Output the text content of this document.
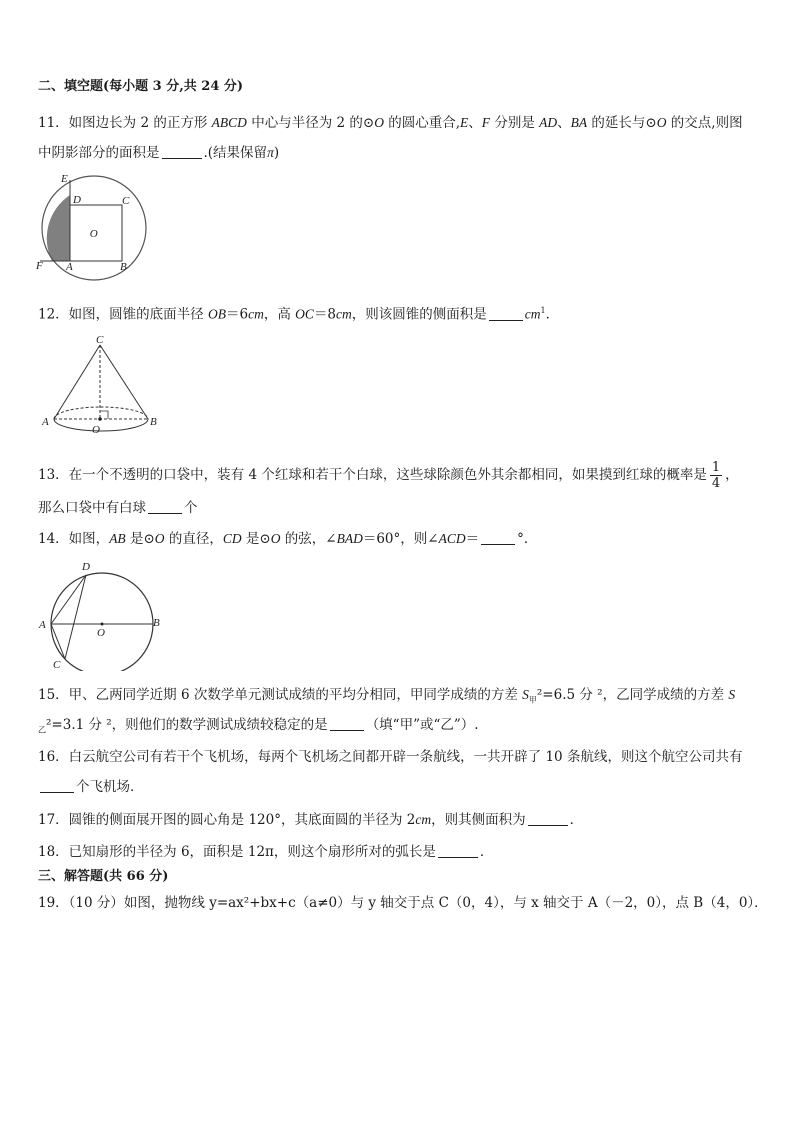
二、填空题(每小题 3 分,共 24 分)
11．如图边长为 2 的正方形 ABCD 中心与半径为 2 的⊙O 的圆心重合,E、F 分别是 AD、BA 的延长与⊙O 的交点,则图
中阴影部分的面积是	.(结果保留π)
E
D	C
O
F A	B
12．如图，圆锥的底面半径 OB＝6cm，高 OC＝8cm，则该圆锥的侧面积是	$cm^1$．
C
A	B
O
13．在一个不透明的口袋中，装有 4 个红球和若干个白球，这些球除颜色外其余都相同，如果摸到红球的概率是 $\frac{1}{4}$ ，
那么口袋中有白球	个
14．如图，AB 是⊙O 的直径，CD 是⊙O 的弦，∠BAD＝60°，则∠ACD＝	°．
D
A
O
B
C
15．甲、乙两同学近期 6 次数学单元测试成绩的平均分相同，甲同学成绩的方差 $S_甲^2=6.5$ 分 ²，乙同学成绩的方差 S
$_乙$²=3.1 分 ²，则他们的数学测试成绩较稳定的是	（填“甲”或“乙”）.
16．白云航空公司有若干个飞机场，每两个飞机场之间都开辟一条航线，一共开辟了 10 条航线，则这个航空公司共有
个飞机场．
17．圆锥的侧面展开图的圆心角是 120°，其底面圆的半径为 2cm，则其侧面积为	．
18．已知扇形的半径为 6，面积是 12π，则这个扇形所对的弧长是	．
三、解答题(共 66 分)
19．（10 分）如图，抛物线 y=ax²+bx+c（a≠0）与 y 轴交于点 C（0，4），与 x 轴交于 A（－2，0），点 B（4，0）．
